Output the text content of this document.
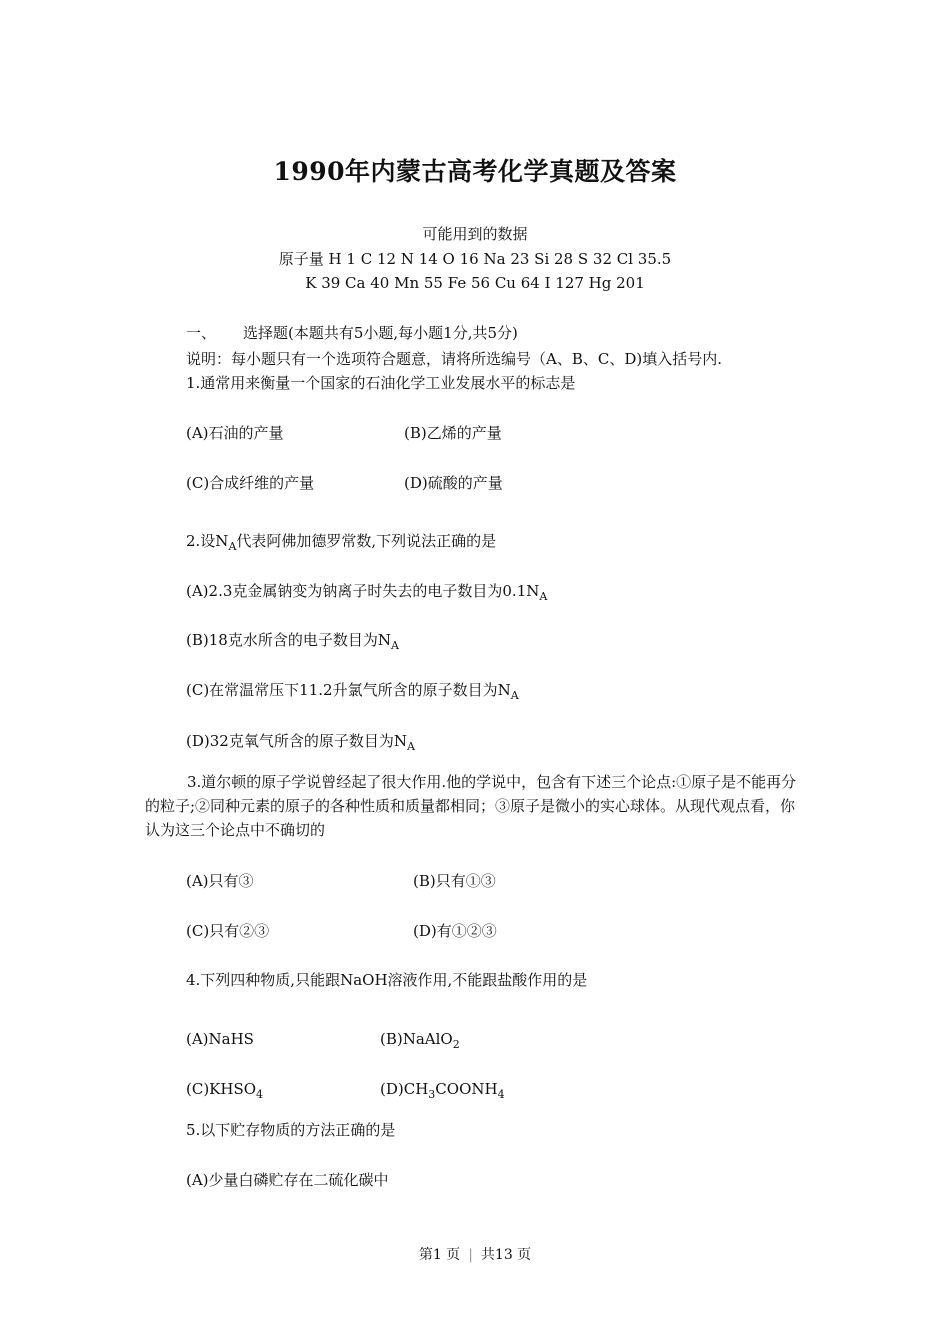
1990年内蒙古高考化学真题及答案
可能用到的数据
原子量 H 1 C 12 N 14 O 16 Na 23 Si 28 S 32 Cl 35.5
K 39 Ca 40 Mn 55 Fe 56 Cu 64 I 127 Hg 201
一、 选择题(本题共有5小题,每小题1分,共5分)
说明：每小题只有一个选项符合题意，请将所选编号（A、B、C、D)填入括号内.
1.通常用来衡量一个国家的石油化学工业发展水平的标志是
(A)石油的产量	(B)乙烯的产量
(C)合成纤维的产量	(D)硫酸的产量
2.设$N_A$代表阿佛加德罗常数,下列说法正确的是
(A)2.3克金属钠变为钠离子时失去的电子数目为$0.1N_A$
(B)18克水所含的电子数目为$N_A$
(C)在常温常压下11.2升氯气所含的原子数目为$N_A$
(D)32克氧气所含的原子数目为$N_A$
3.道尔顿的原子学说曾经起了很大作用.他的学说中，包含有下述三个论点:①原子是不能再分的粒子;②同种元素的原子的各种性质和质量都相同；③原子是微小的实心球体。从现代观点看，你认为这三个论点中不确切的
(A)只有③	(B)只有①③
(C)只有②③	(D)有①②③
4.下列四种物质,只能跟NaOH溶液作用,不能跟盐酸作用的是
(A)NaHS	(B)NaAlO$_2$
$(C)KHSO_4$	$(D)CH_3COONH_4$
5.以下贮存物质的方法正确的是
(A)少量白磷贮存在二硫化碳中
第1 页 | 共13 页
